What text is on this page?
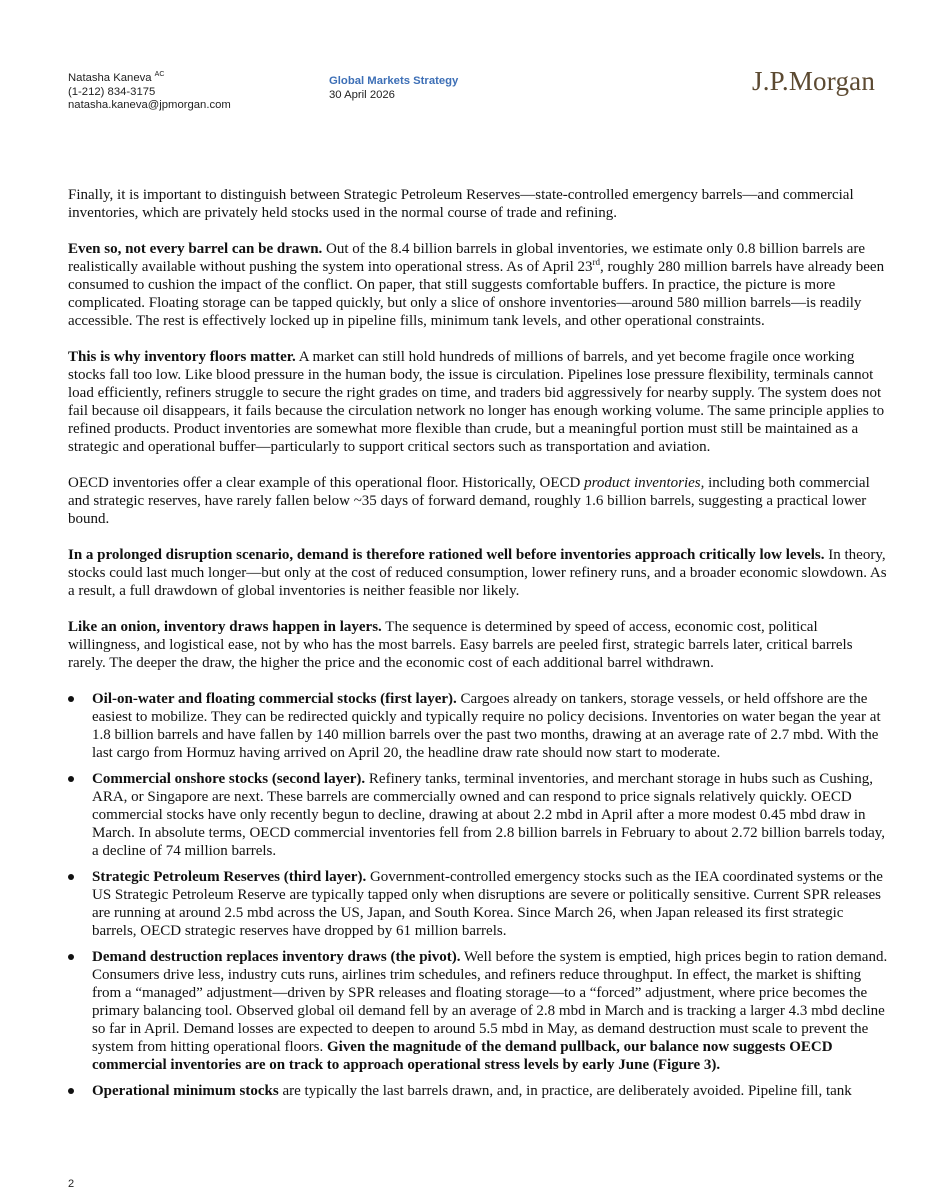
Natasha Kaneva $^{AC}$
(1-212) 834-3175
natasha.kaneva@jpmorgan.com
Global Markets Strategy
30 April 2026	J.P.Morgan

Finally, it is important to distinguish between Strategic Petroleum Reserves—state-controlled emergency barrels—and commercial inventories, which are privately held stocks used in the normal course of trade and refining.

Even so, not every barrel can be drawn. Out of the 8.4 billion barrels in global inventories, we estimate only 0.8 billion barrels are realistically available without pushing the system into operational stress. As of April 23rd, roughly 280 million barrels have already been consumed to cushion the impact of the conflict. On paper, that still suggests comfortable buffers. In practice, the picture is more complicated. Floating storage can be tapped quickly, but only a slice of onshore inventories—around 580 million barrels—is readily accessible. The rest is effectively locked up in pipeline fills, minimum tank levels, and other operational constraints.

This is why inventory floors matter. A market can still hold hundreds of millions of barrels, and yet become fragile once working stocks fall too low. Like blood pressure in the human body, the issue is circulation. Pipelines lose pressure flexibility, terminals cannot load efficiently, refiners struggle to secure the right grades on time, and traders bid aggressively for nearby supply. The system does not fail because oil disappears, it fails because the circulation network no longer has enough working volume. The same principle applies to refined products. Product inventories are somewhat more flexible than crude, but a meaningful portion must still be maintained as a strategic and operational buffer—particularly to support critical sectors such as transportation and aviation.

OECD inventories offer a clear example of this operational floor. Historically, OECD product inventories, including both commercial and strategic reserves, have rarely fallen below ~35 days of forward demand, roughly 1.6 billion barrels, suggesting a practical lower bound.

In a prolonged disruption scenario, demand is therefore rationed well before inventories approach critically low levels. In theory, stocks could last much longer—but only at the cost of reduced consumption, lower refinery runs, and a broader economic slowdown. As a result, a full drawdown of global inventories is neither feasible nor likely.

Like an onion, inventory draws happen in layers. The sequence is determined by speed of access, economic cost, political willingness, and logistical ease, not by who has the most barrels. Easy barrels are peeled first, strategic barrels later, critical barrels rarely. The deeper the draw, the higher the price and the economic cost of each additional barrel withdrawn.

Oil-on-water and floating commercial stocks (first layer). Cargoes already on tankers, storage vessels, or held offshore are the easiest to mobilize. They can be redirected quickly and typically require no policy decisions. Inventories on water began the year at 1.8 billion barrels and have fallen by 140 million barrels over the past two months, drawing at an average rate of 2.7 mbd. With the last cargo from Hormuz having arrived on April 20, the headline draw rate should now start to moderate.
Commercial onshore stocks (second layer). Refinery tanks, terminal inventories, and merchant storage in hubs such as Cushing, ARA, or Singapore are next. These barrels are commercially owned and can respond to price signals relatively quickly. OECD commercial stocks have only recently begun to decline, drawing at about 2.2 mbd in April after a more modest 0.45 mbd draw in March. In absolute terms, OECD commercial inventories fell from 2.8 billion barrels in February to about 2.72 billion barrels today, a decline of 74 million barrels.
Strategic Petroleum Reserves (third layer). Government-controlled emergency stocks such as the IEA coordinated systems or the US Strategic Petroleum Reserve are typically tapped only when disruptions are severe or politically sensitive. Current SPR releases are running at around 2.5 mbd across the US, Japan, and South Korea. Since March 26, when Japan released its first strategic barrels, OECD strategic reserves have dropped by 61 million barrels.
Demand destruction replaces inventory draws (the pivot). Well before the system is emptied, high prices begin to ration demand. Consumers drive less, industry cuts runs, airlines trim schedules, and refiners reduce throughput. In effect, the market is shifting from a “managed” adjustment—driven by SPR releases and floating storage—to a “forced” adjustment, where price becomes the primary balancing tool. Observed global oil demand fell by an average of 2.8 mbd in March and is tracking a larger 4.3 mbd decline so far in April. Demand losses are expected to deepen to around 5.5 mbd in May, as demand destruction must scale to prevent the system from hitting operational floors. Given the magnitude of the demand pullback, our balance now suggests OECD commercial inventories are on track to approach operational stress levels by early June (Figure 3).
Operational minimum stocks are typically the last barrels drawn, and, in practice, are deliberately avoided. Pipeline fill, tank
2
